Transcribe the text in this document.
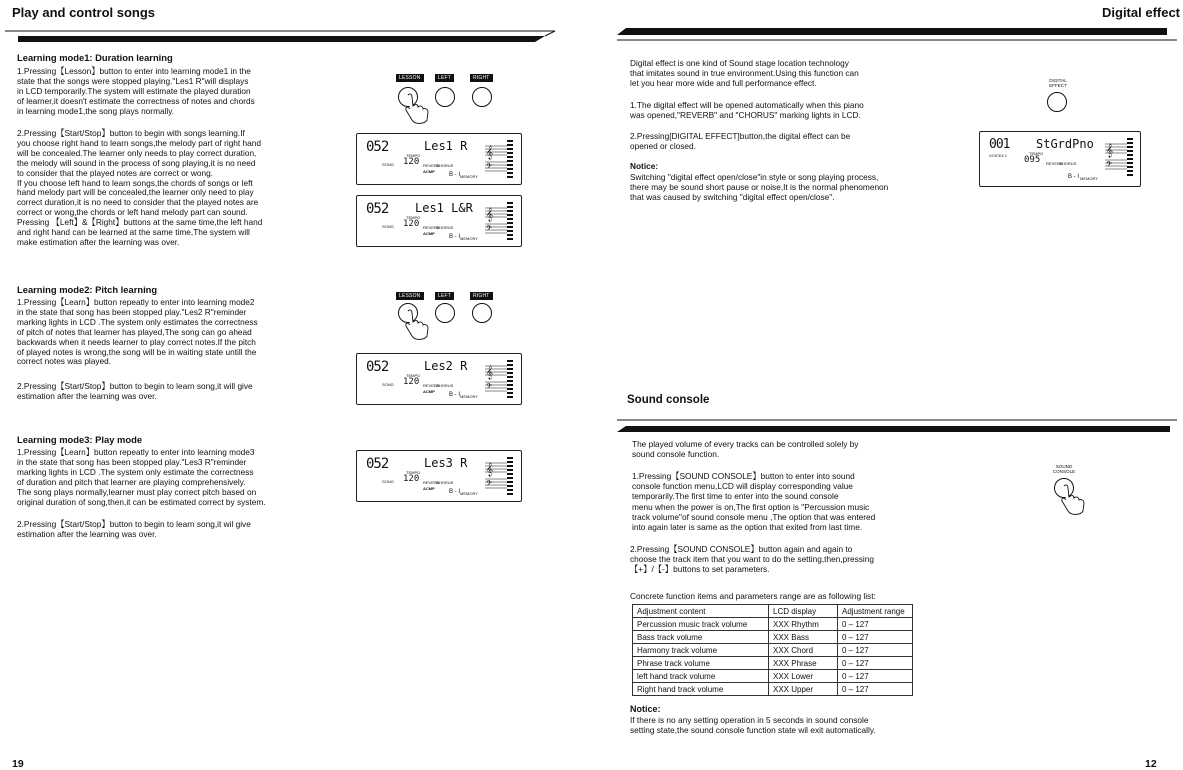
Play and control songs
Learning mode1: Duration learning
1.Pressing【Lesson】button to enter into learning mode1 in the
state that the songs were stopped playing."Les1 R"will displays
in LCD temporarily.The system will estimate the played duration
of learner,it doesn't estimate the correctness of notes and chords
in learning mode1,the song plays normally.
2.Pressing【Start/Stop】button to begin with songs learning.If
you choose right hand to learn songs,the melody part of right hand
will be concealed.The learner only needs to play correct duration,
the melody will sound in the process of song playing,it is no need
to consider that the played notes are correct or wong.
If you choose left hand to learn songs,the chords of songs or left
hand melody part will be concealed,the learner only need to play
correct duration,it is no need to consider that the played notes are
correct or wong,the chords or left hand melody part can sound.
Pressing 【Left】&【Right】buttons at the same time,the left hand
and right hand can be learned at the same time,The system will
make estimation after the learning was over.
Learning mode2: Pitch learning
1.Pressing【Learn】button repeatly to enter into learning mode2
in the state that song has been stopped play."Les2 R"reminder
marking lights in LCD .The system only estimates the correctness
of pitch of notes that learner has played,The song can go ahead
backwards when it needs learner to play correct notes.If the pitch
of played notes is wrong,the song will be in waiting state untill the
correct notes was played.
2.Pressing【Start/Stop】button to begin to learn song,it will give
estimation after the learning was over.
Learning mode3: Play mode
1.Pressing【Learn】button repeatly to enter into learning mode3
in the state that song has been stopped play."Les3 R"reminder
marking lights in LCD .The system only estimate the correctness
of duration and pitch that learner are playing comprehensively.
The song plays normally,learner must play correct pitch based on
original duration of song,then,it can be estimated correct by system.
2.Pressing【Start/Stop】button to begin to learn song,it wil give
estimation after the learning was over.
LESSON	LEFT	RIGHT
LESSON	LEFT	RIGHT
052	Les1 R
SONG
TEMPO
120 REVERB
CHORUS
ACMP
B - I MEMORY
𝄞
𝄢
052 Les1 L&R
SONG
TEMPO
120 REVERB
CHORUS
ACMP
B - I MEMORY
𝄞
𝄢
052	Les2 R
SONG
TEMPO
120 REVERB
CHORUS
ACMP
B - I MEMORY
𝄞
𝄢
052	Les3 R
SONG
TEMPO
120 REVERB
CHORUS
ACMP
B - I MEMORY
𝄞
𝄢
19
Digital effect
Digital effect is one kind of Sound stage location technology
that imitates sound in true environment.Using this function can
let you hear more wide and full performance effect.
1.The digital effect will be opened automatically when this piano
was opened,"REVERB" and "CHORUS" marking lights in LCD.
2.Pressing[DIGITAL EFFECT]button,the digital effect can be
opened or closed.
Notice:
Switching "digital effect open/close"in style or song playing process,
there may be sound short pause or noise,It is the normal phenomenon
that was caused by switching "digital effect open/close".
DIGITAL
EFFECT
001 StGrdPno
VOICE# 1	TEMPO
095 REVERB
CHORUS
B - I MEMORY
𝄞
𝄢
Sound console
The played volume of every tracks can be controlled solely by
sound console function.
1.Pressing【SOUND CONSOLE】button to enter into sound
console function menu,LCD will display corresponding value
temporarily.The first time to enter into the sound console
menu when the power is on,The first option is "Percussion music
track volume"of sound console menu ,The option that was entered
into again later is same as the option that exited from last time.
2.Pressing【SOUND CONSOLE】button again and again to
choose the track item that you want to do the setting,then,pressing
【+】/【-】buttons to set parameters.
Concrete function items and parameters range are as following list:
SOUND
CONSOLE
Adjustment content	LCD display	Adjustment range
Percussion music track volume	XXX Rhythm	0 – 127
Bass track volume	XXX Bass	0 – 127
Harmony track volume	XXX Chord	0 – 127
Phrase track volume	XXX Phrase	0 – 127
left hand track volume	XXX Lower	0 – 127
Right hand track volume	XXX Upper	0 – 127
Notice:
If there is no any setting operation in 5 seconds in sound console
setting state,the sound console function state wil exit automatically.
12
